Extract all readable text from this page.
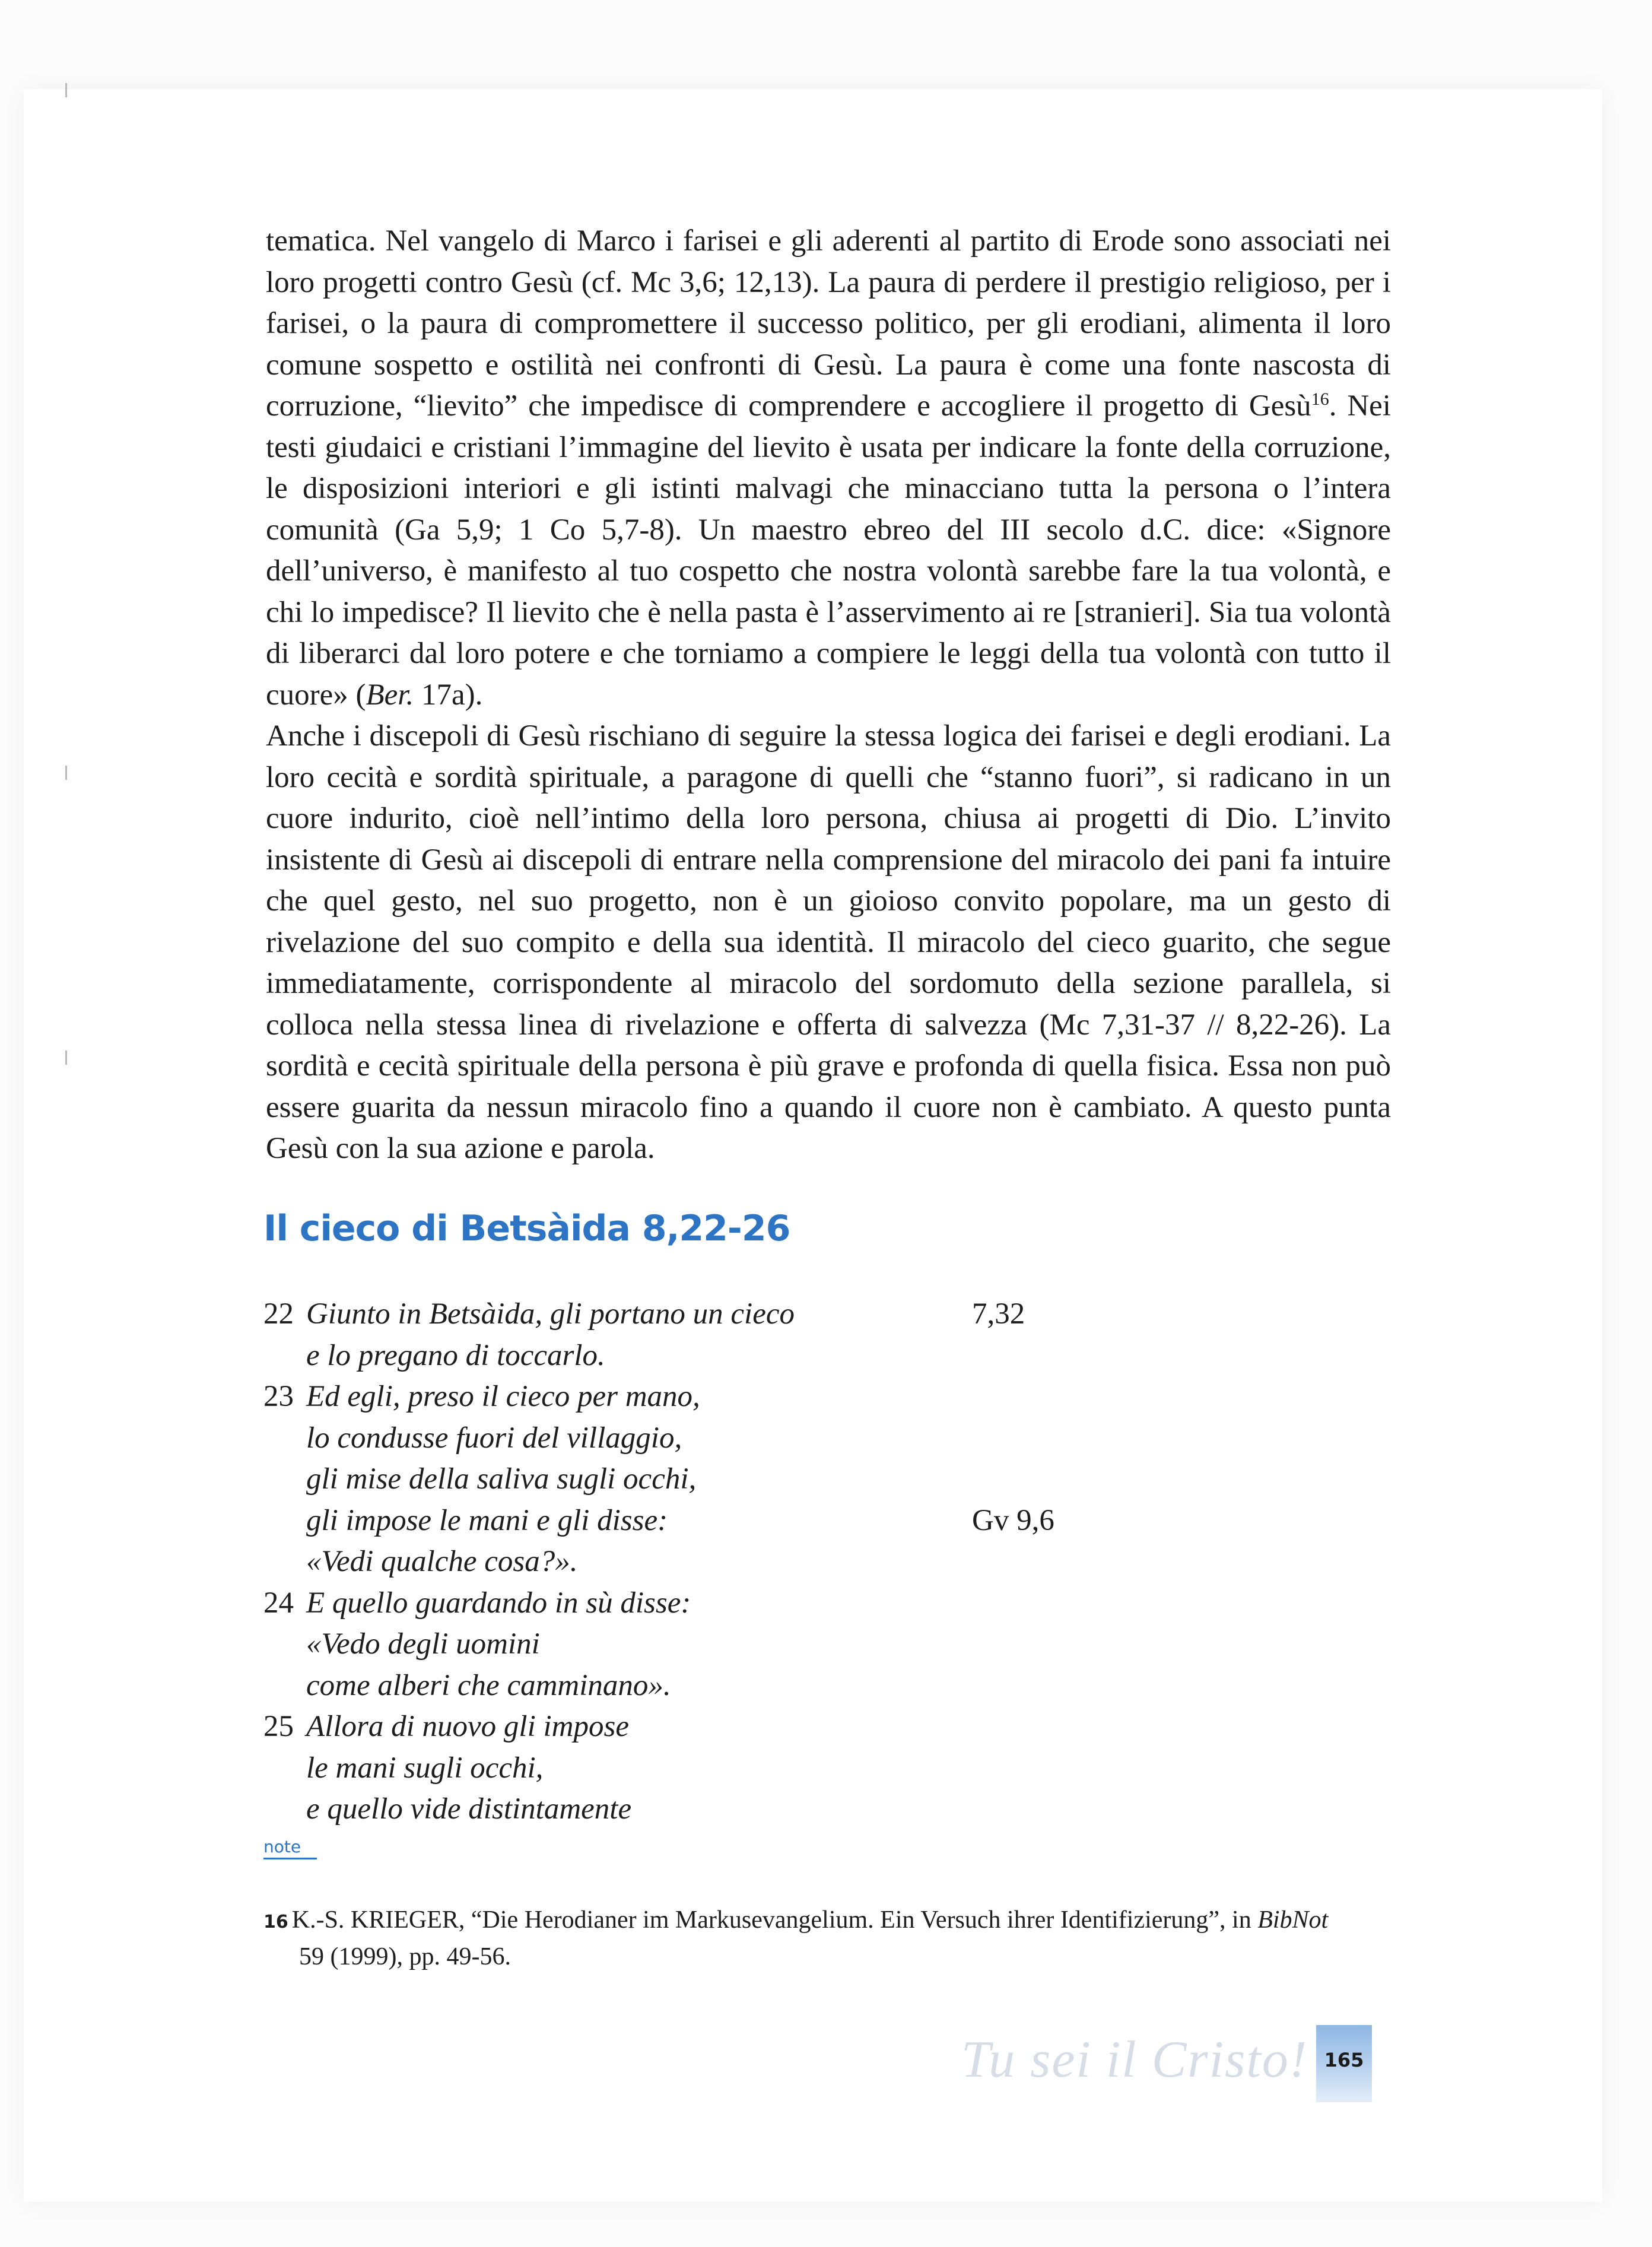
tematica. Nel vangelo di Marco i farisei e gli aderenti al partito di Erode sono associati nei loro progetti contro Gesù (cf. Mc 3,6; 12,13). La paura di perdere il prestigio religioso, per i farisei, o la paura di compromettere il successo politico, per gli erodiani, alimenta il loro comune sospetto e ostilità nei confronti di Gesù. La paura è come una fonte nascosta di corruzione, “lievito” che impedisce di comprendere e accogliere il progetto di Gesù$^{16}$. Nei testi giudaici e cristiani l’immagine del lievito è usata per indicare la fonte della corruzione, le disposizioni interiori e gli istinti malvagi che minacciano tutta la persona o l’intera comunità (Ga 5,9; 1 Co 5,7-8). Un maestro ebreo del III secolo d.C. dice: «Signore dell’universo, è manifesto al tuo cospetto che nostra volontà sarebbe fare la tua volontà, e chi lo impedisce? Il lievito che è nella pasta è l’asservimento ai re [stranieri]. Sia tua volontà di liberarci dal loro potere e che torniamo a compiere le leggi della tua volontà con tutto il cuore» (Ber. 17a).

Anche i discepoli di Gesù rischiano di seguire la stessa logica dei farisei e degli erodiani. La loro cecità e sordità spirituale, a paragone di quelli che “stanno fuori”, si radicano in un cuore indurito, cioè nell’intimo della loro persona, chiusa ai progetti di Dio. L’invito insistente di Gesù ai discepoli di entrare nella comprensione del miracolo dei pani fa intuire che quel gesto, nel suo progetto, non è un gioioso convito popolare, ma un gesto di rivelazione del suo compito e della sua identità. Il miracolo del cieco guarito, che segue immediatamente, corrispondente al miracolo del sordomuto della sezione parallela, si colloca nella stessa linea di rivelazione e offerta di salvezza (Mc 7,31-37 // 8,22-26). La sordità e cecità spirituale della persona è più grave e profonda di quella fisica. Essa non può essere guarita da nessun miracolo fino a quando il cuore non è cambiato. A questo punta Gesù con la sua azione e parola.

Il cieco di Betsàida 8,22-26
22 Giunto in Betsàida, gli portano un cieco	7,32
e lo pregano di toccarlo.
23 Ed egli, preso il cieco per mano,
lo condusse fuori del villaggio,
gli mise della saliva sugli occhi,
gli impose le mani e gli disse:	Gv 9,6
«Vedi qualche cosa?».
24 E quello guardando in sù disse:
«Vedo degli uomini
come alberi che camminano».
25 Allora di nuovo gli impose
le mani sugli occhi,
e quello vide distintamente
note
16 K.-S. KRIEGER, “Die Herodianer im Markusevangelium. Ein Versuch ihrer Identifizierung”, in BibNot
59 (1999), pp. 49-56.
Tu sei il Cristo! 165
